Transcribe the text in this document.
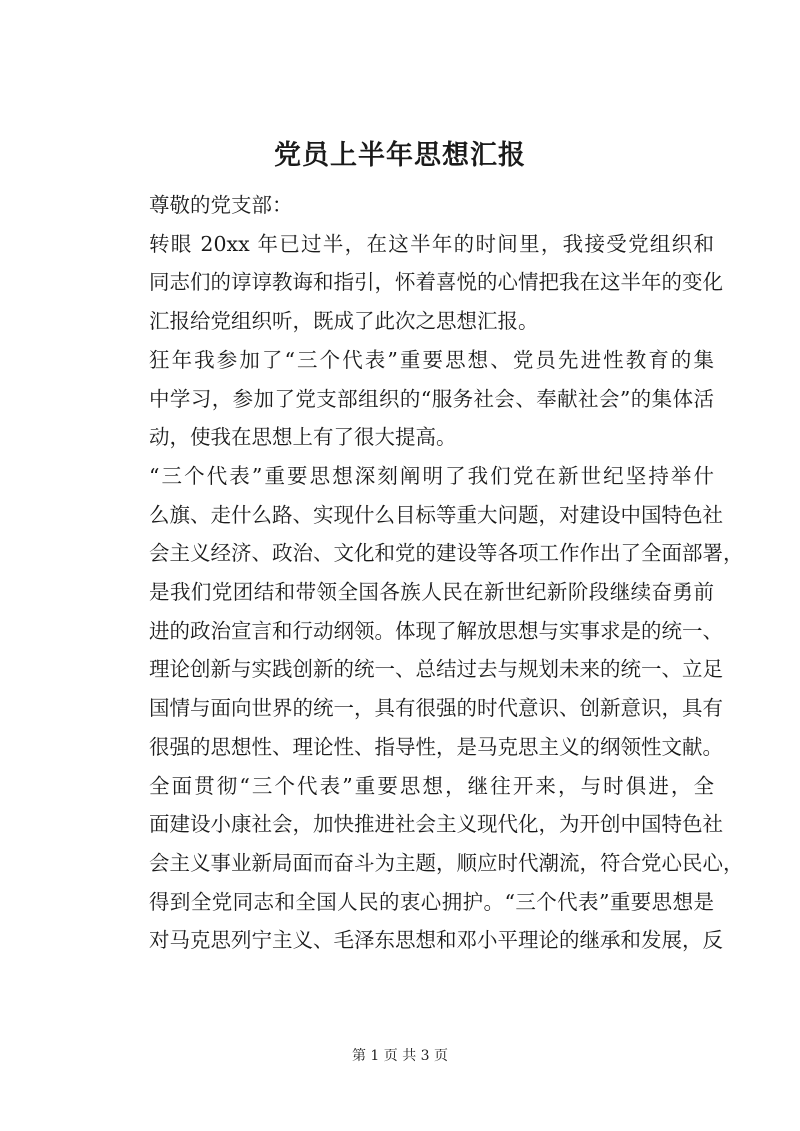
党员上半年思想汇报
尊敬的党支部：
转眼 20xx 年已过半，在这半年的时间里，我接受党组织和
同志们的谆谆教诲和指引，怀着喜悦的心情把我在这半年的变化
汇报给党组织听，既成了此次之思想汇报。
狂年我参加了“三个代表”重要思想、党员先进性教育的集
中学习，参加了党支部组织的“服务社会、奉献社会”的集体活
动，使我在思想上有了很大提高。
“三个代表”重要思想深刻阐明了我们党在新世纪坚持举什
么旗、走什么路、实现什么目标等重大问题，对建设中国特色社
会主义经济、政治、文化和党的建设等各项工作作出了全面部署，
是我们党团结和带领全国各族人民在新世纪新阶段继续奋勇前
进的政治宣言和行动纲领。体现了解放思想与实事求是的统一、
理论创新与实践创新的统一、总结过去与规划未来的统一、立足
国情与面向世界的统一，具有很强的时代意识、创新意识，具有
很强的思想性、理论性、指导性，是马克思主义的纲领性文献。
全面贯彻“三个代表”重要思想，继往开来，与时俱进，全
面建设小康社会，加快推进社会主义现代化，为开创中国特色社
会主义事业新局面而奋斗为主题，顺应时代潮流，符合党心民心，
得到全党同志和全国人民的衷心拥护。“三个代表”重要思想是
对马克思列宁主义、毛泽东思想和邓小平理论的继承和发展，反
第 1 页 共 3 页
